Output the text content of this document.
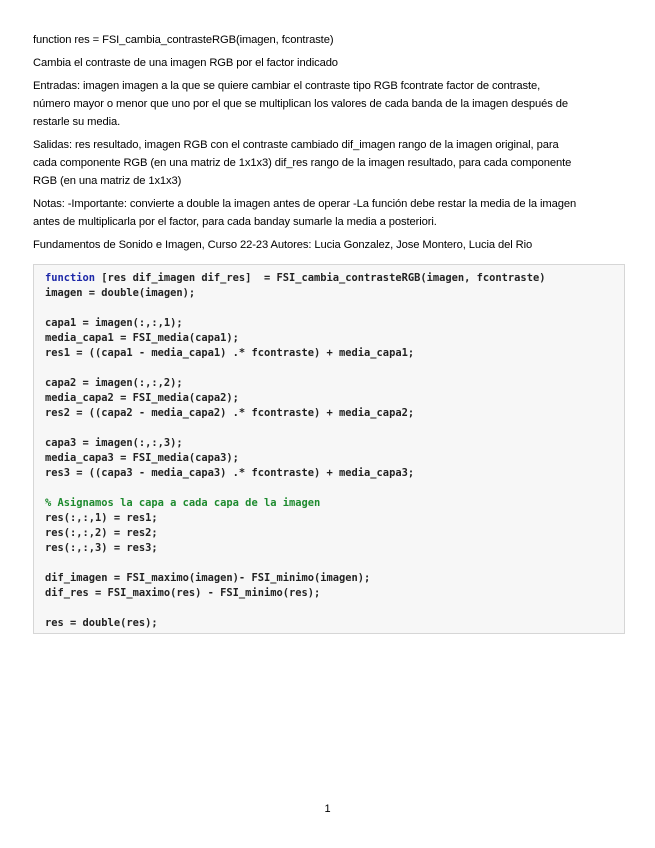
function res = FSI_cambia_contrasteRGB(imagen, fcontraste)

Cambia el contraste de una imagen RGB por el factor indicado

Entradas: imagen imagen a la que se quiere cambiar el contraste tipo RGB fcontrate factor de contraste,
número mayor o menor que uno por el que se multiplican los valores de cada banda de la imagen después de
restarle su media.

Salidas: res resultado, imagen RGB con el contraste cambiado dif_imagen rango de la imagen original, para
cada componente RGB (en una matriz de 1x1x3) dif_res rango de la imagen resultado, para cada componente
RGB (en una matriz de 1x1x3)

Notas: -Importante: convierte a double la imagen antes de operar -La función debe restar la media de la imagen
antes de multiplicarla por el factor, para cada banday sumarle la media a posteriori.

Fundamentos de Sonido e Imagen, Curso 22-23 Autores: Lucia Gonzalez, Jose Montero, Lucia del Rio

function [res dif_imagen dif_res]  = FSI_cambia_contrasteRGB(imagen, fcontraste)
imagen = double(imagen);
capa1 = imagen(:,:,1);
media_capa1 = FSI_media(capa1);
res1 = ((capa1 - media_capa1) .* fcontraste) + media_capa1;
capa2 = imagen(:,:,2);
media_capa2 = FSI_media(capa2);
res2 = ((capa2 - media_capa2) .* fcontraste) + media_capa2;
capa3 = imagen(:,:,3);
media_capa3 = FSI_media(capa3);
res3 = ((capa3 - media_capa3) .* fcontraste) + media_capa3;
% Asignamos la capa a cada capa de la imagen
res(:,:,1) = res1;
res(:,:,2) = res2;
res(:,:,3) = res3;
dif_imagen = FSI_maximo(imagen)- FSI_minimo(imagen);
dif_res = FSI_maximo(res) - FSI_minimo(res);
res = double(res);
1
